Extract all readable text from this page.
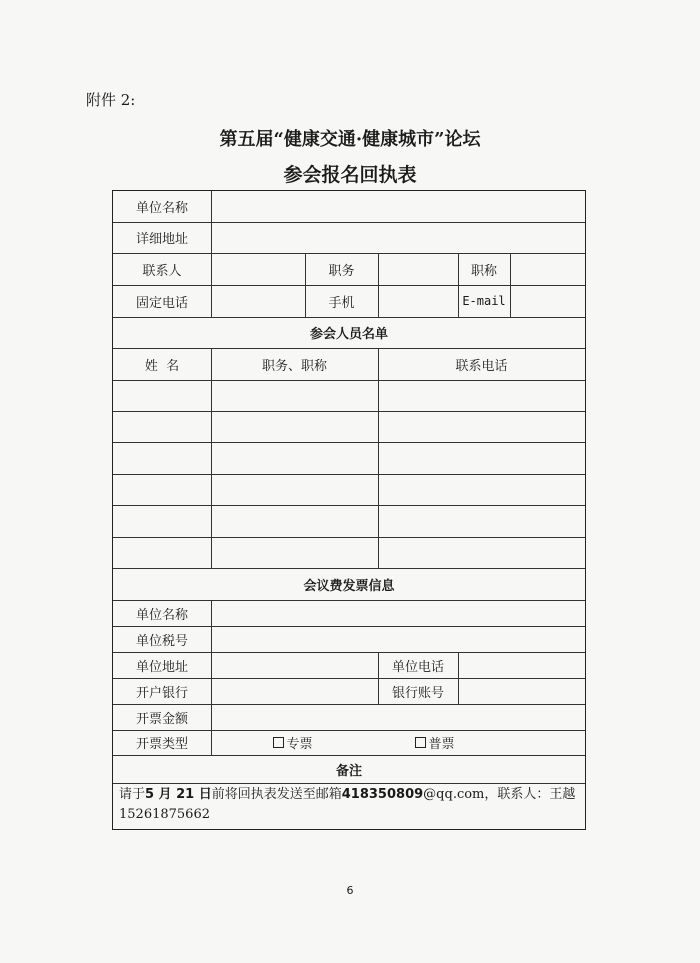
附件 2:
第五届“健康交通·健康城市”论坛
参会报名回执表
单位名称
详细地址
联系人	职务	职称
固定电话	手机	E-mail
参会人员名单
姓  名	职务、职称	联系电话
会议费发票信息
单位名称
单位税号
单位地址	单位电话
开户银行	银行账号
开票金额
开票类型	专票	普票
备注
请于5 月 21 日前将回执表发送至邮箱418350809@qq.com，联系人：王越
15261875662
6
